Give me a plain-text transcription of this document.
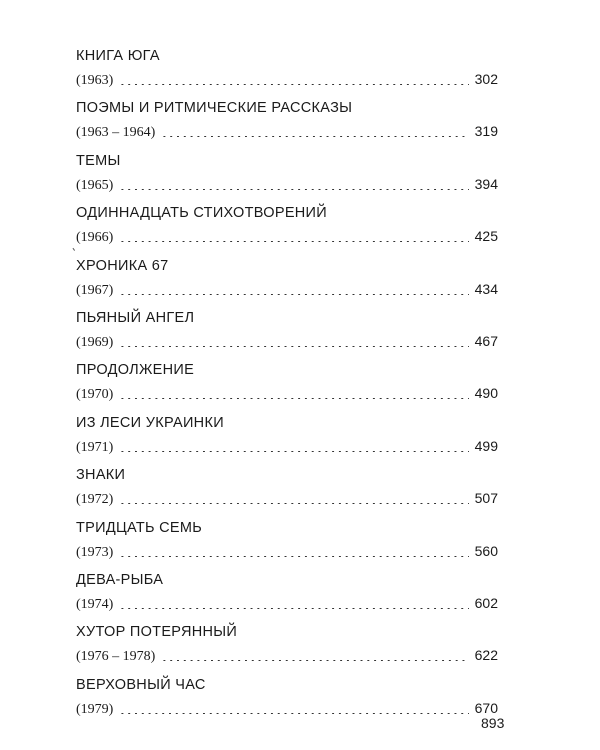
КНИГА ЮГА
(1963)	302
ПОЭМЫ И РИТМИЧЕСКИЕ РАССКАЗЫ
(1963 – 1964)	319
ТЕМЫ
(1965)	394
ОДИННАДЦАТЬ СТИХОТВОРЕНИЙ
(1966)	425
ХРОНИКА 67
(1967)	434
ПЬЯНЫЙ АНГЕЛ
(1969)	467
ПРОДОЛЖЕНИЕ
(1970)	490
ИЗ ЛЕСИ УКРАИНКИ
(1971)	499
ЗНАКИ
(1972)	507
ТРИДЦАТЬ СЕМЬ
(1973)	560
ДЕВА-РЫБА
(1974)	602
ХУТОР ПОТЕРЯННЫЙ
(1976 – 1978)	622
ВЕРХОВНЫЙ ЧАС
(1979)	670
893
